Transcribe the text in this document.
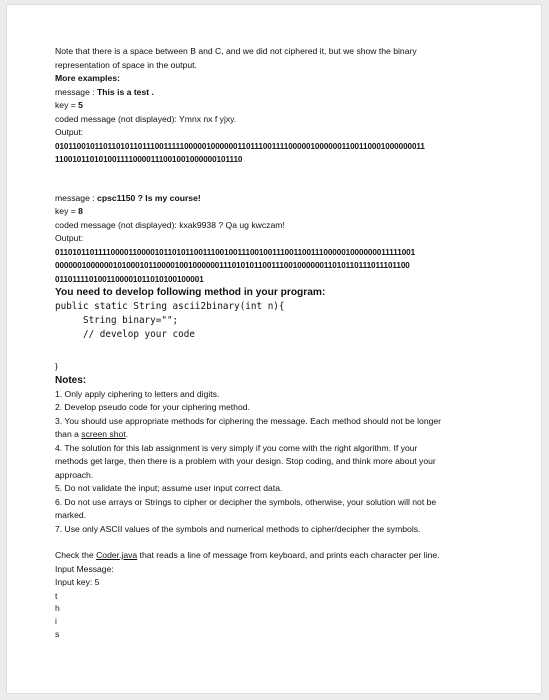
Note that there is a space between B and C, and we did not ciphered it, but we show the binary
representation of space in the output.
More examples:
message : This is a test .
key = 5
coded message (not displayed): Ymnx nx f yjxy.
Output:
0101100101101101011011100111110000010000001101110011110000010000001100110001000000011
1100101101010011110000111001001000000101110
message : cpsc1150 ? Is my course!
key = 8
coded message (not displayed): kxak9938 ? Qa ug kwczam!
Output:
01101011011110000110000101101011001110010011100100111001100111000001000000011111001
000000100000010100010110000100100000011101010110011100100000011010110111011101100
0110111101001100001011010100100001
You need to develop following method in your program:
public static String ascii2binary(int n){
String binary="";
// develop your code
}
Notes:
1. Only apply ciphering to letters and digits.
2. Develop pseudo code for your ciphering method.
3. You should use appropriate methods for ciphering the message. Each method should not be longer
than a screen shot.
4. The solution for this lab assignment is very simply if you come with the right algorithm. If your
methods get large, then there is a problem with your design. Stop coding, and think more about your
approach.
5. Do not validate the input; assume user input correct data.
6. Do not use arrays or Strings to cipher or decipher the symbols, otherwise, your solution will not be
marked.
7. Use only ASCII values of the symbols and numerical methods to cipher/decipher the symbols.
Check the Coder.java that reads a line of message from keyboard, and prints each character per line.
Input Message:
Input key: 5
t
h
i
s
